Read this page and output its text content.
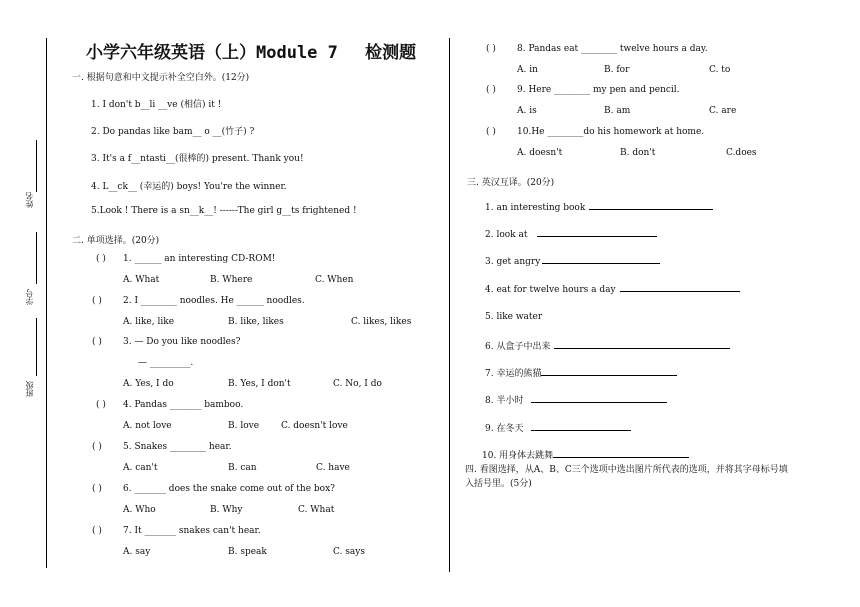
姓名
学号
班级
小学六年级英语（上）Module 7　 检测题
一. 根据句意和中文提示补全空白外。(12分)
1. I don't b__li __ve (相信) it !
2. Do pandas like bam__ o __(竹子) ?
3. It's a f__ntasti__(很棒的) present. Thank you!
4. L__ck__ (幸运的) boys! You're the winner.
5.Look ! There is a sn__k__! ------The girl g__ts frightened !
二. 单项选择。(20分)
( ) 1. ______ an interesting CD-ROM!
A. What	B. Where	C. When
( ) 2. I ________ noodles. He ______ noodles.
A. like, like	B. like, likes	C. likes, likes
( ) 3. — Do you like noodles?
— _________.
A. Yes, I do	B. Yes, I don't	C. No, I do
( ) 4. Pandas _______ bamboo.
A. not love	B. love C. doesn't love
( ) 5. Snakes ________ hear.
A. can't	B. can	C. have
( ) 6. _______ does the snake come out of the box?
A. Who	B. Why	C. What
( ) 7. It _______ snakes can't hear.
A. say	B. speak	C. says
( ) 8. Pandas eat ________ twelve hours a day.
A. in	B. for	C. to
( ) 9. Here ________ my pen and pencil.
A. is	B. am	C. are
( ) 10.He ________do his homework at home.
A. doesn't	B. don't	C.does
三. 英汉互译。(20分)
1. an interesting book
2. look at
3. get angry
4. eat for twelve hours a day
5. like water
6. 从盒子中出来
7. 幸运的熊猫
8. 半小时
9. 在冬天
10. 用身体去跳舞
四. 看图选择，从A、B、C三个选项中选出图片所代表的选项，并将其字母标号填
入括号里。(5分)
